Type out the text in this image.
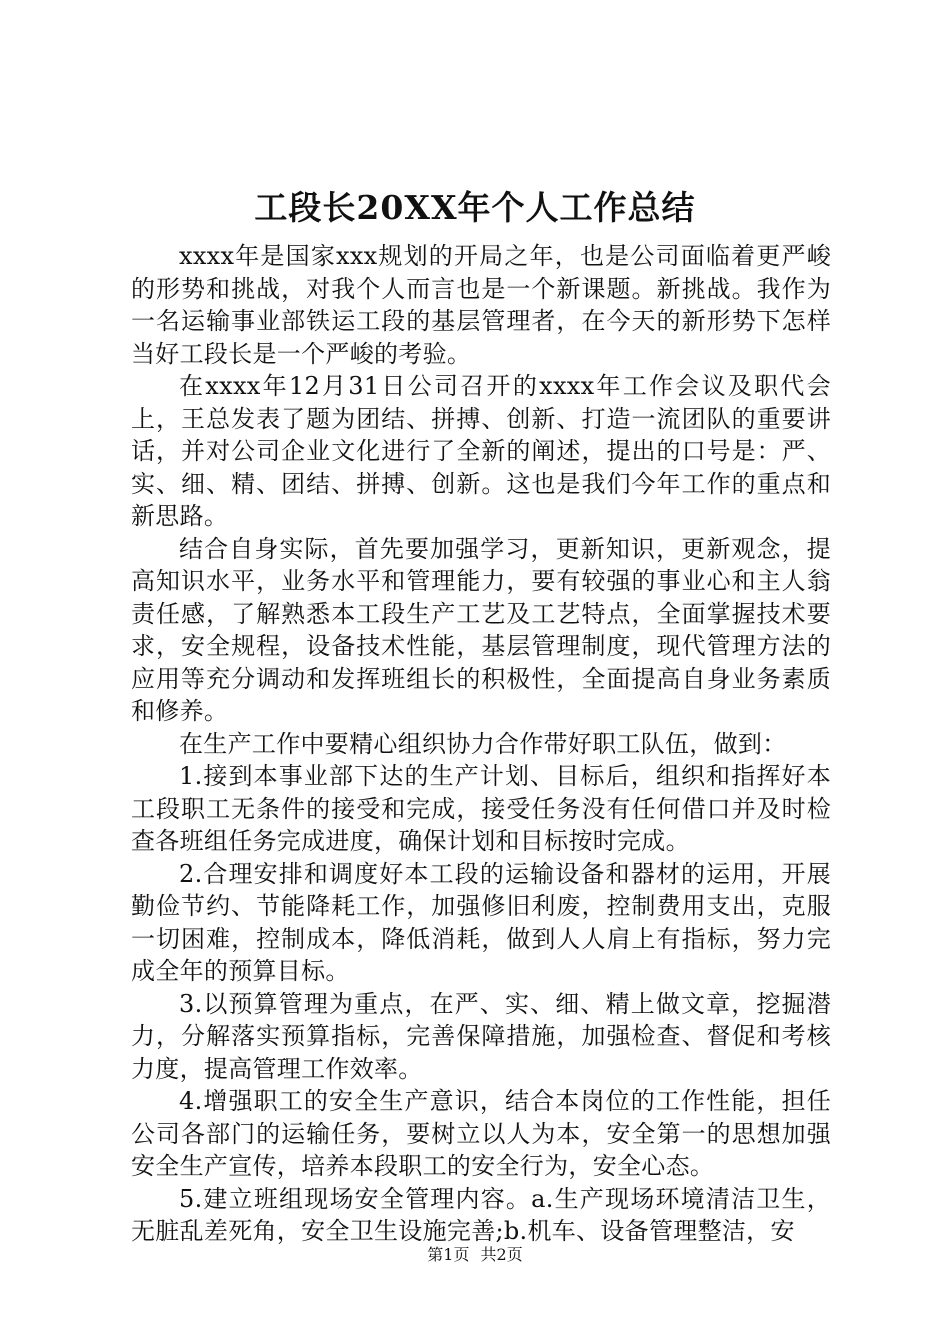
工段长20XX年个人工作总结

xxxx年是国家xxx规划的开局之年，也是公司面临着更严峻的形势和挑战，对我个人而言也是一个新课题。新挑战。我作为一名运输事业部铁运工段的基层管理者，在今天的新形势下怎样当好工段长是一个严峻的考验。

在xxxx年12月31日公司召开的xxxx年工作会议及职代会上，王总发表了题为团结、拼搏、创新、打造一流团队的重要讲话，并对公司企业文化进行了全新的阐述，提出的口号是：严、实、细、精、团结、拼搏、创新。这也是我们今年工作的重点和新思路。

结合自身实际，首先要加强学习，更新知识，更新观念，提高知识水平，业务水平和管理能力，要有较强的事业心和主人翁责任感，了解熟悉本工段生产工艺及工艺特点，全面掌握技术要求，安全规程，设备技术性能，基层管理制度，现代管理方法的应用等充分调动和发挥班组长的积极性，全面提高自身业务素质和修养。

在生产工作中要精心组织协力合作带好职工队伍，做到：

1.接到本事业部下达的生产计划、目标后，组织和指挥好本工段职工无条件的接受和完成，接受任务没有任何借口并及时检查各班组任务完成进度，确保计划和目标按时完成。

2.合理安排和调度好本工段的运输设备和器材的运用，开展勤俭节约、节能降耗工作，加强修旧利废，控制费用支出，克服一切困难，控制成本，降低消耗，做到人人肩上有指标，努力完成全年的预算目标。

3.以预算管理为重点，在严、实、细、精上做文章，挖掘潜力，分解落实预算指标，完善保障措施，加强检查、督促和考核力度，提高管理工作效率。

4.增强职工的安全生产意识，结合本岗位的工作性能，担任公司各部门的运输任务，要树立以人为本，安全第一的思想加强安全生产宣传，培养本段职工的安全行为，安全心态。

5.建立班组现场安全管理内容。a.生产现场环境清洁卫生，无脏乱差死角，安全卫生设施完善;b.机车、设备管理整洁，安

第1页 共2页
